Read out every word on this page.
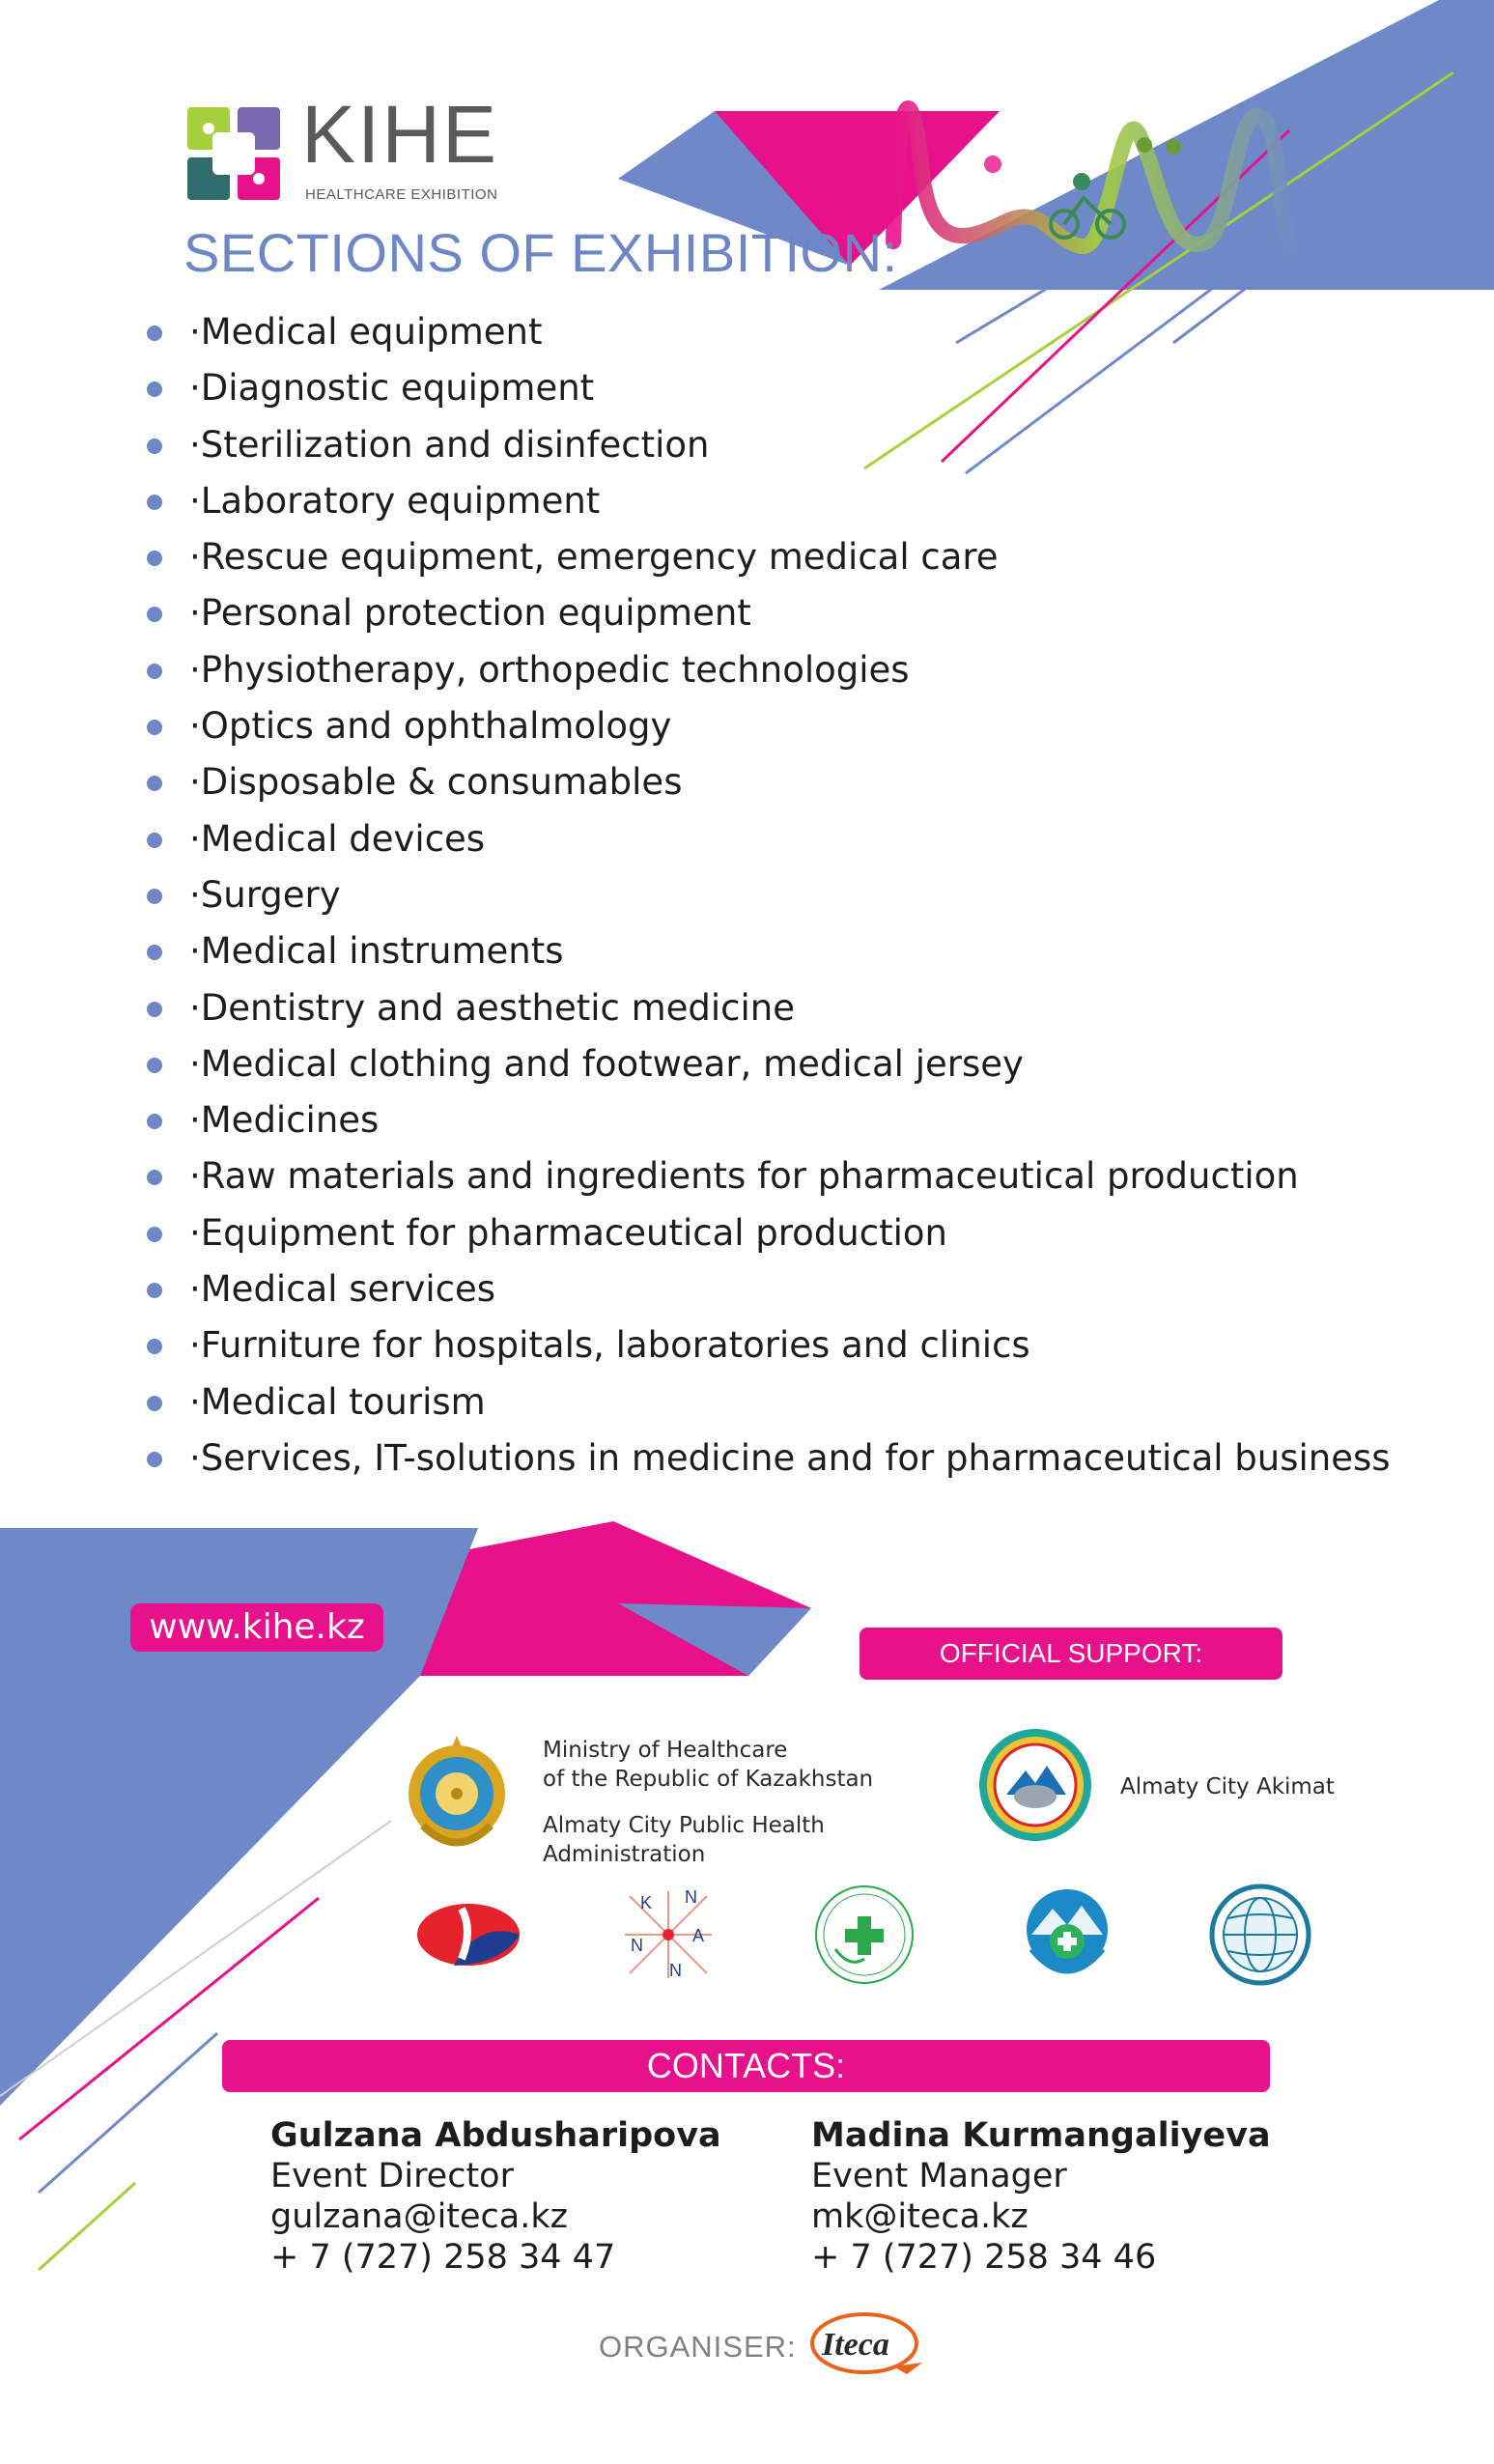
KIHE
HEALTHCARE EXHIBITION
SECTIONS OF EXHIBITION:
·Medical equipment
·Diagnostic equipment
·Sterilization and disinfection
·Laboratory equipment
·Rescue equipment, emergency medical care
·Personal protection equipment
·Physiotherapy, orthopedic technologies
·Optics and ophthalmology
·Disposable & consumables
·Medical devices
·Surgery
·Medical instruments
·Dentistry and aesthetic medicine
·Medical clothing and footwear, medical jersey
·Medicines
·Raw materials and ingredients for pharmaceutical production
·Equipment for pharmaceutical production
·Medical services
·Furniture for hospitals, laboratories and clinics
·Medical tourism
·Services, IT-solutions in medicine and for pharmaceutical business
www.kihe.kz
OFFICIAL SUPPORT:
Ministry of Healthcare
of the Republic of Kazakhstan
Almaty City Public Health
Administration
Almaty City Akimat
K N
A
N
N
CONTACTS:
Gulzana Abdusharipova
Event Director
gulzana@iteca.kz
+ 7 (727) 258 34 47
Madina Kurmangaliyeva
Event Manager
mk@iteca.kz
+ 7 (727) 258 34 46
ORGANISER: Iteca
